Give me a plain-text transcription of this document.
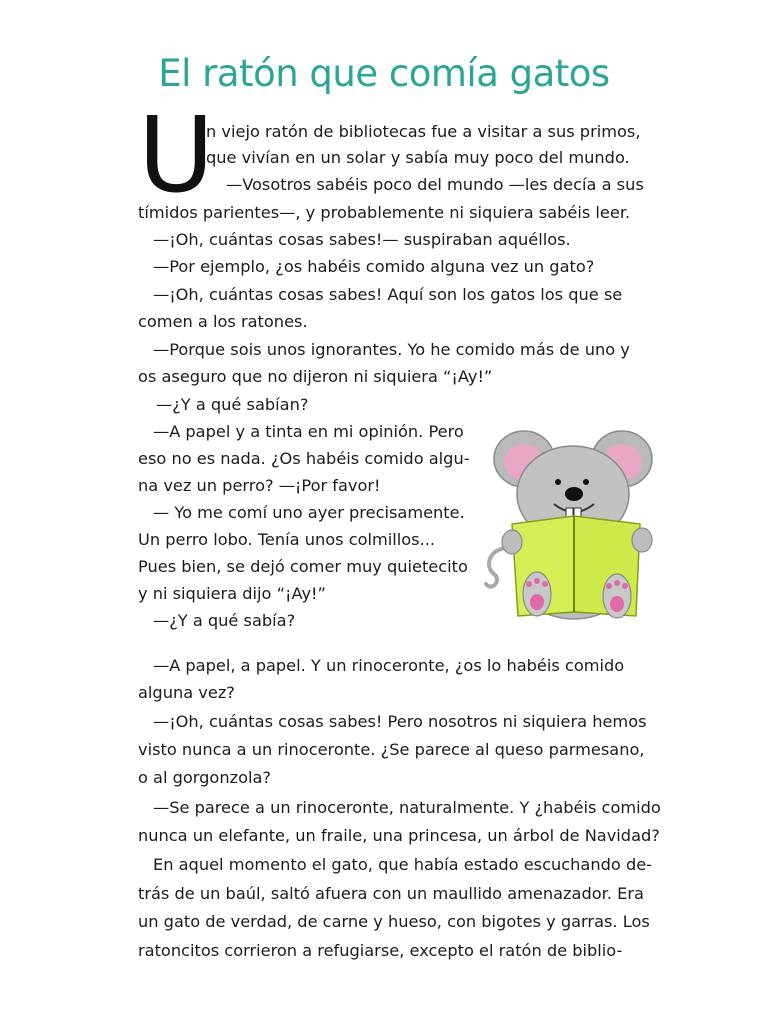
El ratón que comía gatos
U
n viejo ratón de bibliotecas fue a visitar a sus primos,
que vivían en un solar y sabía muy poco del mundo.
—Vosotros sabéis poco del mundo —les decía a sus
tímidos parientes—, y probablemente ni siquiera sabéis leer.
—¡Oh, cuántas cosas sabes!— suspiraban aquéllos.
—Por ejemplo, ¿os habéis comido alguna vez un gato?
—¡Oh, cuántas cosas sabes! Aquí son los gatos los que se
comen a los ratones.
—Porque sois unos ignorantes. Yo he comido más de uno y
os aseguro que no dijeron ni siquiera “¡Ay!”
—¿Y a qué sabían?
—A papel y a tinta en mi opinión. Pero
eso no es nada. ¿Os habéis comido algu-
na vez un perro? —¡Por favor!
— Yo me comí uno ayer precisamente.
Un perro lobo. Tenía unos colmillos...
Pues bien, se dejó comer muy quietecito
y ni siquiera dijo “¡Ay!”
—¿Y a qué sabía?
—A papel, a papel. Y un rinoceronte, ¿os lo habéis comido
alguna vez?
—¡Oh, cuántas cosas sabes! Pero nosotros ni siquiera hemos
visto nunca a un rinoceronte. ¿Se parece al queso parmesano,
o al gorgonzola?
—Se parece a un rinoceronte, naturalmente. Y ¿habéis comido
nunca un elefante, un fraile, una princesa, un árbol de Navidad?
En aquel momento el gato, que había estado escuchando de-
trás de un baúl, saltó afuera con un maullido amenazador. Era
un gato de verdad, de carne y hueso, con bigotes y garras. Los
ratoncitos corrieron a refugiarse, excepto el ratón de biblio-
